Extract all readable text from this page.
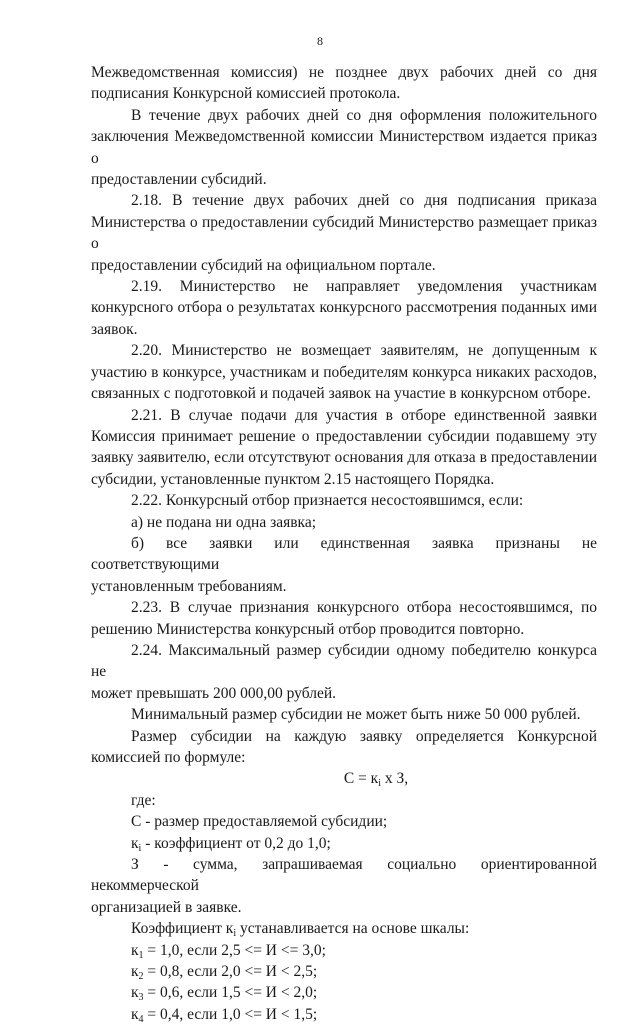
8
Межведомственная комиссия) не позднее двух рабочих дней со дня
подписания Конкурсной комиссией протокола.
В течение двух рабочих дней со дня оформления положительного
заключения Межведомственной комиссии Министерством издается приказ о
предоставлении субсидий.
2.18. В течение двух рабочих дней со дня подписания приказа
Министерства о предоставлении субсидий Министерство размещает приказ о
предоставлении субсидий на официальном портале.
2.19. Министерство не направляет уведомления участникам
конкурсного отбора о результатах конкурсного рассмотрения поданных ими
заявок.
2.20. Министерство не возмещает заявителям, не допущенным к
участию в конкурсе, участникам и победителям конкурса никаких расходов,
связанных с подготовкой и подачей заявок на участие в конкурсном отборе.
2.21. В случае подачи для участия в отборе единственной заявки
Комиссия принимает решение о предоставлении субсидии подавшему эту
заявку заявителю, если отсутствуют основания для отказа в предоставлении
субсидии, установленные пунктом 2.15 настоящего Порядка.
2.22. Конкурсный отбор признается несостоявшимся, если:
а) не подана ни одна заявка;
б) все заявки или единственная заявка признаны не соответствующими
установленным требованиям.
2.23. В случае признания конкурсного отбора несостоявшимся, по
решению Министерства конкурсный отбор проводится повторно.
2.24. Максимальный размер субсидии одному победителю конкурса не
может превышать 200 000,00 рублей.
Минимальный размер субсидии не может быть ниже 50 000 рублей.
Размер субсидии на каждую заявку определяется Конкурсной
комиссией по формуле:
$С = к_i$ х З,
где:
С - размер предоставляемой субсидии;
$к_i$ - коэффициент от 0,2 до 1,0;
З - сумма, запрашиваемая социально ориентированной некоммерческой
организацией в заявке.
Коэффициент $к_i$ устанавливается на основе шкалы:
$к_1 = 1,0$, если 2,5 <= И <= 3,0;
$к_2 = 0,8$, если 2,0 <= И < 2,5;
$к_3 = 0,6$, если 1,5 <= И < 2,0;
$к_4 = 0,4$, если 1,0 <= И < 1,5;
